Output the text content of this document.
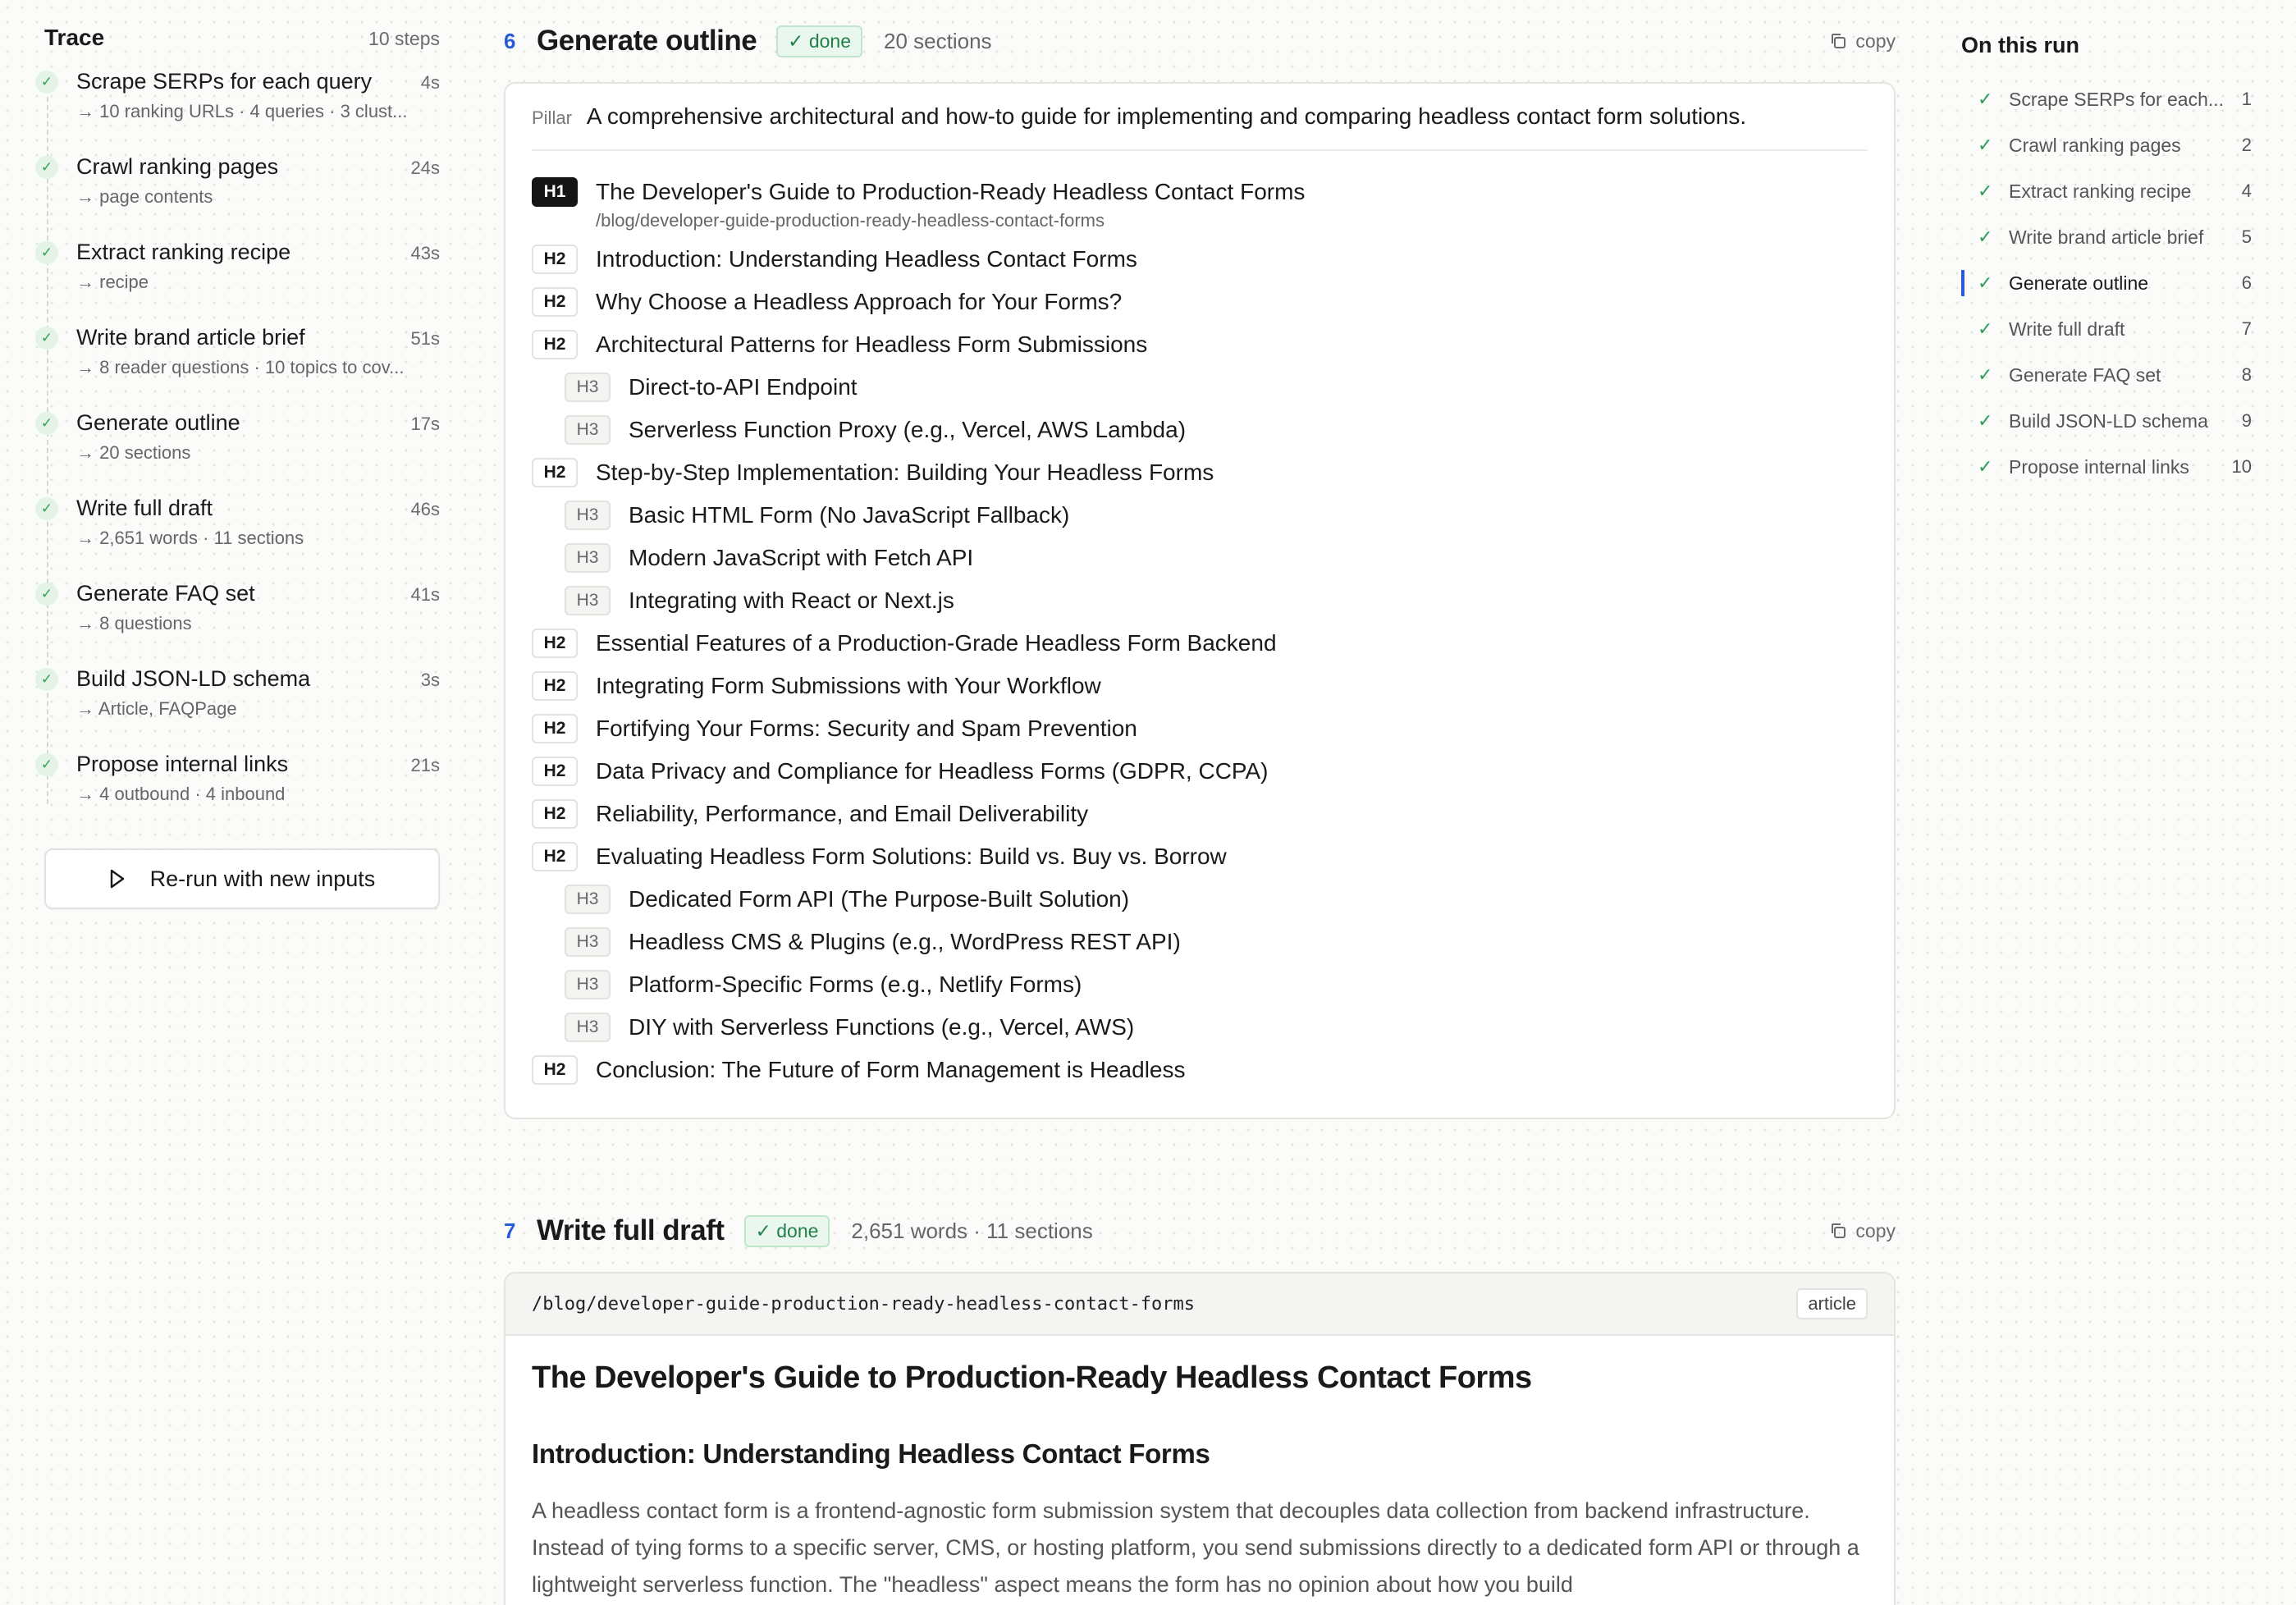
Trace	10 steps
✓ Scrape SERPs for each query	4s
→ 10 ranking URLs · 4 queries · 3 clust...
✓ Crawl ranking pages	24s
→ page contents
✓ Extract ranking recipe	43s
→ recipe
✓ Write brand article brief	51s
→ 8 reader questions · 10 topics to cov...
✓ Generate outline	17s
→ 20 sections
✓ Write full draft	46s
→ 2,651 words · 11 sections
✓ Generate FAQ set	41s
→ 8 questions
✓ Build JSON-LD schema	3s
→ Article, FAQPage
✓ Propose internal links	21s
→ 4 outbound · 4 inbound
Re-run with new inputs
6 Generate outline	✓ done	20 sections	copy
Pillar A comprehensive architectural and how-to guide for implementing and comparing headless contact form solutions.
H1	The Developer's Guide to Production-Ready Headless Contact Forms
/blog/developer-guide-production-ready-headless-contact-forms
H2	Introduction: Understanding Headless Contact Forms
H2	Why Choose a Headless Approach for Your Forms?
H2	Architectural Patterns for Headless Form Submissions
H3	Direct-to-API Endpoint
H3	Serverless Function Proxy (e.g., Vercel, AWS Lambda)
H2	Step-by-Step Implementation: Building Your Headless Forms
H3	Basic HTML Form (No JavaScript Fallback)
H3	Modern JavaScript with Fetch API
H3	Integrating with React or Next.js
H2	Essential Features of a Production-Grade Headless Form Backend
H2	Integrating Form Submissions with Your Workflow
H2	Fortifying Your Forms: Security and Spam Prevention
H2	Data Privacy and Compliance for Headless Forms (GDPR, CCPA)
H2	Reliability, Performance, and Email Deliverability
H2	Evaluating Headless Form Solutions: Build vs. Buy vs. Borrow
H3	Dedicated Form API (The Purpose-Built Solution)
H3	Headless CMS & Plugins (e.g., WordPress REST API)
H3	Platform-Specific Forms (e.g., Netlify Forms)
H3	DIY with Serverless Functions (e.g., Vercel, AWS)
H2	Conclusion: The Future of Form Management is Headless
7 Write full draft	✓ done	2,651 words · 11 sections	copy
/blog/developer-guide-production-ready-headless-contact-forms	article
The Developer's Guide to Production-Ready Headless Contact Forms
Introduction: Understanding Headless Contact Forms

A headless contact form is a frontend-agnostic form submission system that decouples data collection from backend infrastructure. Instead of tying forms to a specific server, CMS, or hosting platform, you send submissions directly to a dedicated form API or through a lightweight serverless function. The "headless" aspect means the form has no opinion about how you build

On this run
✓ Scrape SERPs for each... 1
✓ Crawl ranking pages	2
✓ Extract ranking recipe	4
✓ Write brand article brief	5
✓ Generate outline	6
✓ Write full draft	7
✓ Generate FAQ set	8
✓ Build JSON-LD schema	9
✓ Propose internal links	10
